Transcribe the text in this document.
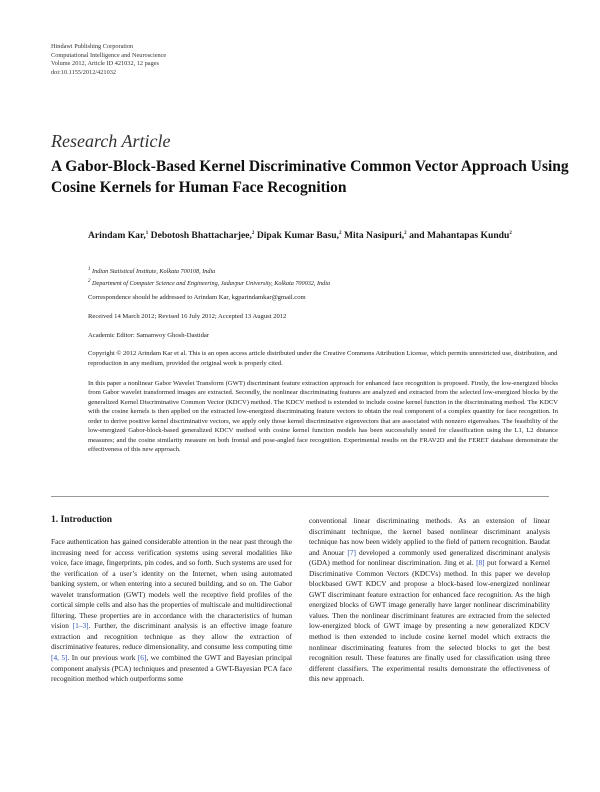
Hindawi Publishing Corporation
Computational Intelligence and Neuroscience
Volume 2012, Article ID 421032, 12 pages
doi:10.1155/2012/421032
Research Article
A Gabor-Block-Based Kernel Discriminative Common Vector Approach Using Cosine Kernels for Human Face Recognition
Arindam Kar,$^1$ Debotosh Bhattacharjee,$^2$ Dipak Kumar Basu,$^2$ Mita Nasipuri,$^2$ and Mahantapas Kundu$^2$
$^1$ Indian Statistical Institute, Kolkata 700108, India
$^2$ Department of Computer Science and Engineering, Jadavpur University, Kolkata 700032, India
Correspondence should be addressed to Arindam Kar, kgparindamkar@gmail.com
Received 14 March 2012; Revised 16 July 2012; Accepted 13 August 2012
Academic Editor: Samanwoy Ghosh-Dastidar
Copyright © 2012 Arindam Kar et al. This is an open access article distributed under the Creative Commons Attribution License, which permits unrestricted use, distribution, and reproduction in any medium, provided the original work is properly cited.
In this paper a nonlinear Gabor Wavelet Transform (GWT) discriminant feature extraction approach for enhanced face recognition is proposed. Firstly, the low-energized blocks from Gabor wavelet transformed images are extracted. Secondly, the nonlinear discriminating features are analyzed and extracted from the selected low-energized blocks by the generalized Kernel Discriminative Common Vector (KDCV) method. The KDCV method is extended to include cosine kernel function in the discriminating method. The KDCV with the cosine kernels is then applied on the extracted low-energized discriminating feature vectors to obtain the real component of a complex quantity for face recognition. In order to derive positive kernel discriminative vectors, we apply only those kernel discriminative eigenvectors that are associated with nonzero eigenvalues. The feasibility of the low-energized Gabor-block-based generalized KDCV method with cosine kernel function models has been successfully tested for classification using the L1, L2 distance measures; and the cosine similarity measure on both frontal and pose-angled face recognition. Experimental results on the FRAV2D and the FERET database demonstrate the effectiveness of this new approach.
1. Introduction
Face authentication has gained considerable attention in the near past through the increasing need for access verification systems using several modalities like voice, face image, fingerprints, pin codes, and so forth. Such systems are used for the verification of a user’s identity on the Internet, when using automated banking system, or when entering into a secured building, and so on. The Gabor wavelet transformation (GWT) models well the receptive field profiles of the cortical simple cells and also has the properties of multiscale and multidirectional filtering. These properties are in accordance with the characteristics of human vision [1–3]. Further, the discriminant analysis is an effective image feature extraction and recognition technique as they allow the extraction of discriminative features, reduce dimensionality, and consume less computing time [4, 5]. In our previous work [6], we combined the GWT and Bayesian principal component analysis (PCA) techniques and presented a GWT-Bayesian PCA face recognition method which outperforms some
conventional linear discriminating methods. As an extension of linear discriminant technique, the kernel based nonlinear discriminant analysis technique has now been widely applied to the field of pattern recognition. Baudat and Anouar [7] developed a commonly used generalized discriminant analysis (GDA) method for nonlinear discrimination. Jing et al. [8] put forward a Kernel Discriminative Common Vectors (KDCVs) method. In this paper we develop blockbased GWT KDCV and propose a block-based low-energized nonlinear GWT discriminant feature extraction for enhanced face recognition. As the high energized blocks of GWT image generally have larger nonlinear discriminability values. Then the nonlinear discriminant features are extracted from the selected low-energized block of GWT image by presenting a new generalized KDCV method is then extended to include cosine kernel model which extracts the nonlinear discriminating features from the selected blocks to get the best recognition result. These features are finally used for classification using three different classifiers. The experimental results demonstrate the effectiveness of this new approach.
